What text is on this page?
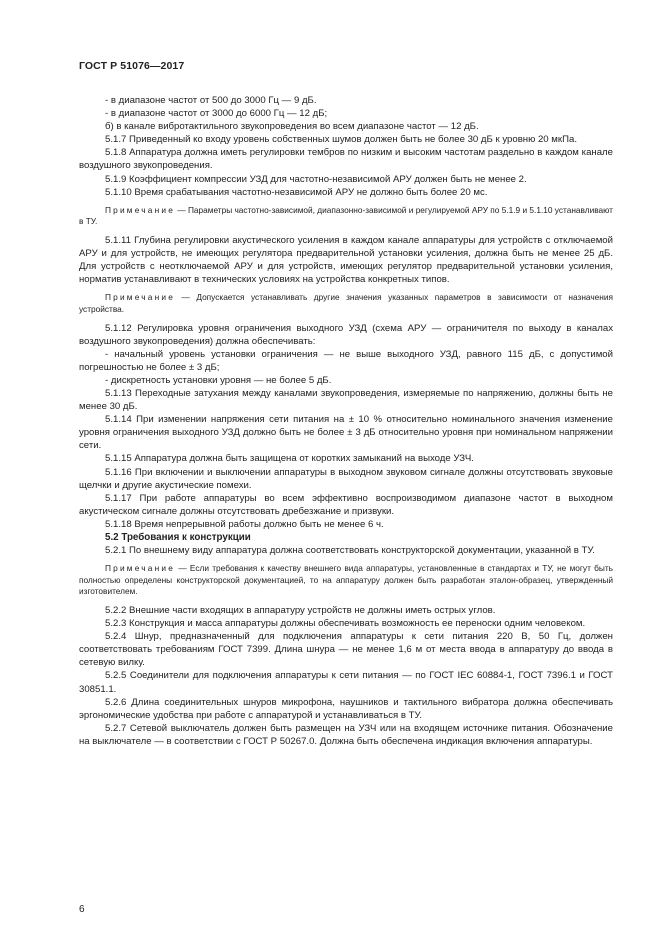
ГОСТ Р 51076—2017

- в диапазоне частот от 500 до 3000 Гц — 9 дБ.

- в диапазоне частот от 3000 до 6000 Гц — 12 дБ;

б) в канале вибротактильного звукопроведения во всем диапазоне частот — 12 дБ.

5.1.7 Приведенный ко входу уровень собственных шумов должен быть не более 30 дБ к уровню 20 мкПа.

5.1.8 Аппаратура должна иметь регулировки тембров по низким и высоким частотам раздельно в каждом канале воздушного звукопроведения.

5.1.9 Коэффициент компрессии УЗД для частотно-независимой АРУ должен быть не менее 2.

5.1.10 Время срабатывания частотно-независимой АРУ не должно быть более 20 мс.

Примечание — Параметры частотно-зависимой, диапазонно-зависимой и регулируемой АРУ по 5.1.9 и 5.1.10 устанавливают в ТУ.

5.1.11 Глубина регулировки акустического усиления в каждом канале аппаратуры для устройств с отключаемой АРУ и для устройств, не имеющих регулятора предварительной установки усиления, должна быть не менее 25 дБ. Для устройств с неотключаемой АРУ и для устройств, имеющих регулятор предварительной установки усиления, норматив устанавливают в технических условиях на устройства конкретных типов.

Примечание — Допускается устанавливать другие значения указанных параметров в зависимости от назначения устройства.

5.1.12 Регулировка уровня ограничения выходного УЗД (схема АРУ — ограничителя по выходу в каналах воздушного звукопроведения) должна обеспечивать:

- начальный уровень установки ограничения — не выше выходного УЗД, равного 115 дБ, с допустимой погрешностью не более ± 3 дБ;

- дискретность установки уровня — не более 5 дБ.

5.1.13 Переходные затухания между каналами звукопроведения, измеряемые по напряжению, должны быть не менее 30 дБ.

5.1.14 При изменении напряжения сети питания на ± 10 % относительно номинального значения изменение уровня ограничения выходного УЗД должно быть не более ± 3 дБ относительно уровня при номинальном напряжении сети.

5.1.15 Аппаратура должна быть защищена от коротких замыканий на выходе УЗЧ.

5.1.16 При включении и выключении аппаратуры в выходном звуковом сигнале должны отсутствовать звуковые щелчки и другие акустические помехи.

5.1.17 При работе аппаратуры во всем эффективно воспроизводимом диапазоне частот в выходном акустическом сигнале должны отсутствовать дребезжание и призвуки.

5.1.18 Время непрерывной работы должно быть не менее 6 ч.

5.2 Требования к конструкции

5.2.1 По внешнему виду аппаратура должна соответствовать конструкторской документации, указанной в ТУ.

Примечание — Если требования к качеству внешнего вида аппаратуры, установленные в стандартах и ТУ, не могут быть полностью определены конструкторской документацией, то на аппаратуру должен быть разработан эталон-образец, утвержденный изготовителем.

5.2.2 Внешние части входящих в аппаратуру устройств не должны иметь острых углов.

5.2.3 Конструкция и масса аппаратуры должны обеспечивать возможность ее переноски одним человеком.

5.2.4 Шнур, предназначенный для подключения аппаратуры к сети питания 220 В, 50 Гц, должен соответствовать требованиям ГОСТ 7399. Длина шнура — не менее 1,6 м от места ввода в аппаратуру до ввода в сетевую вилку.

5.2.5 Соединители для подключения аппаратуры к сети питания — по ГОСТ IEC 60884-1, ГОСТ 7396.1 и ГОСТ 30851.1.

5.2.6 Длина соединительных шнуров микрофона, наушников и тактильного вибратора должна обеспечивать эргономические удобства при работе с аппаратурой и устанавливаться в ТУ.

5.2.7 Сетевой выключатель должен быть размещен на УЗЧ или на входящем источнике питания. Обозначение на выключателе — в соответствии с ГОСТ Р 50267.0. Должна быть обеспечена индикация включения аппаратуры.

6
